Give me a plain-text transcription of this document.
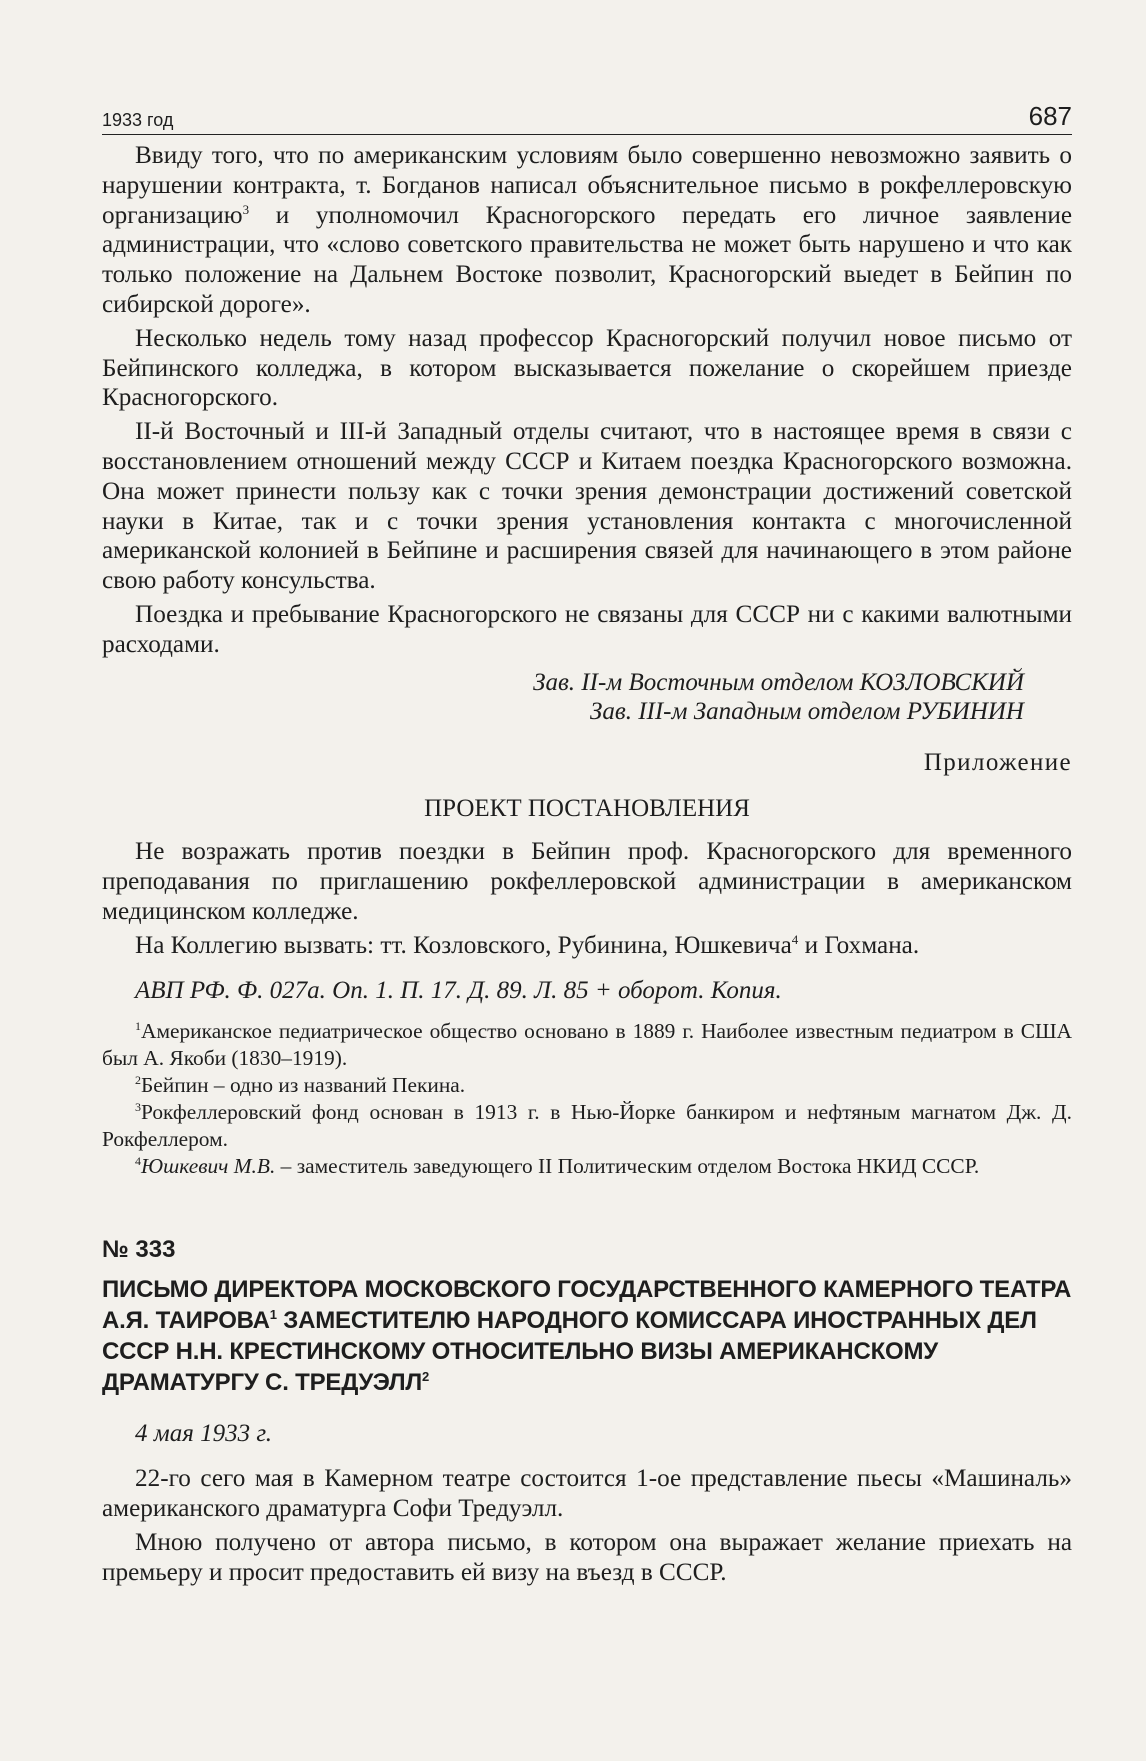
1933 год	687

Ввиду того, что по американским условиям было совершенно невозможно заявить о нарушении контракта, т. Богданов написал объяснительное письмо в рокфеллеровскую организацию$^3$ и уполномочил Красногорского передать его личное заявление администрации, что «слово советского правительства не может быть нарушено и что как только положение на Дальнем Востоке позволит, Красногорский выедет в Бейпин по сибирской дороге».

Несколько недель тому назад профессор Красногорский получил новое письмо от Бейпинского колледжа, в котором высказывается пожелание о скорейшем приезде Красногорского.

II-й Восточный и III-й Западный отделы считают, что в настоящее время в связи с восстановлением отношений между СССР и Китаем поездка Красногорского возможна. Она может принести пользу как с точки зрения демонстрации достижений советской науки в Китае, так и с точки зрения установления контакта с многочисленной американской колонией в Бейпине и расширения связей для начинающего в этом районе свою работу консульства.

Поездка и пребывание Красногорского не связаны для СССР ни с какими валютными расходами.

Зав. II-м Восточным отделом КОЗЛОВСКИЙ

Зав. III-м Западным отделом РУБИНИН

Приложение

ПРОЕКТ ПОСТАНОВЛЕНИЯ

Не возражать против поездки в Бейпин проф. Красногорского для временного преподавания по приглашению рокфеллеровской администрации в американском медицинском колледже.

На Коллегию вызвать: тт. Козловского, Рубинина, Юшкевича$^4$ и Гохмана.

АВП РФ. Ф. 027а. Оп. 1. П. 17. Д. 89. Л. 85 + оборот. Копия.

$^1$Американское педиатрическое общество основано в 1889 г. Наиболее известным педиатром в США был А. Якоби (1830–1919).

$^2$Бейпин – одно из названий Пекина.

$^3$Рокфеллеровский фонд основан в 1913 г. в Нью-Йорке банкиром и нефтяным магнатом Дж. Д. Рокфеллером.

$^4$Юшкевич М.В. – заместитель заведующего II Политическим отделом Востока НКИД СССР.

№ 333

ПИСЬМО ДИРЕКТОРА МОСКОВСКОГО ГОСУДАРСТВЕННОГО КАМЕРНОГО ТЕАТРА А.Я. ТАИРОВА$^1$ ЗАМЕСТИТЕЛЮ НАРОДНОГО КОМИССАРА ИНОСТРАННЫХ ДЕЛ СССР Н.Н. КРЕСТИНСКОМУ ОТНОСИТЕЛЬНО ВИЗЫ АМЕРИКАНСКОМУ ДРАМАТУРГУ С. ТРЕДУЭЛЛ$^2$

4 мая 1933 г.

22-го сего мая в Камерном театре состоится 1-ое представление пьесы «Машиналь» американского драматурга Софи Тредуэлл.

Мною получено от автора письмо, в котором она выражает желание приехать на премьеру и просит предоставить ей визу на въезд в СССР.
